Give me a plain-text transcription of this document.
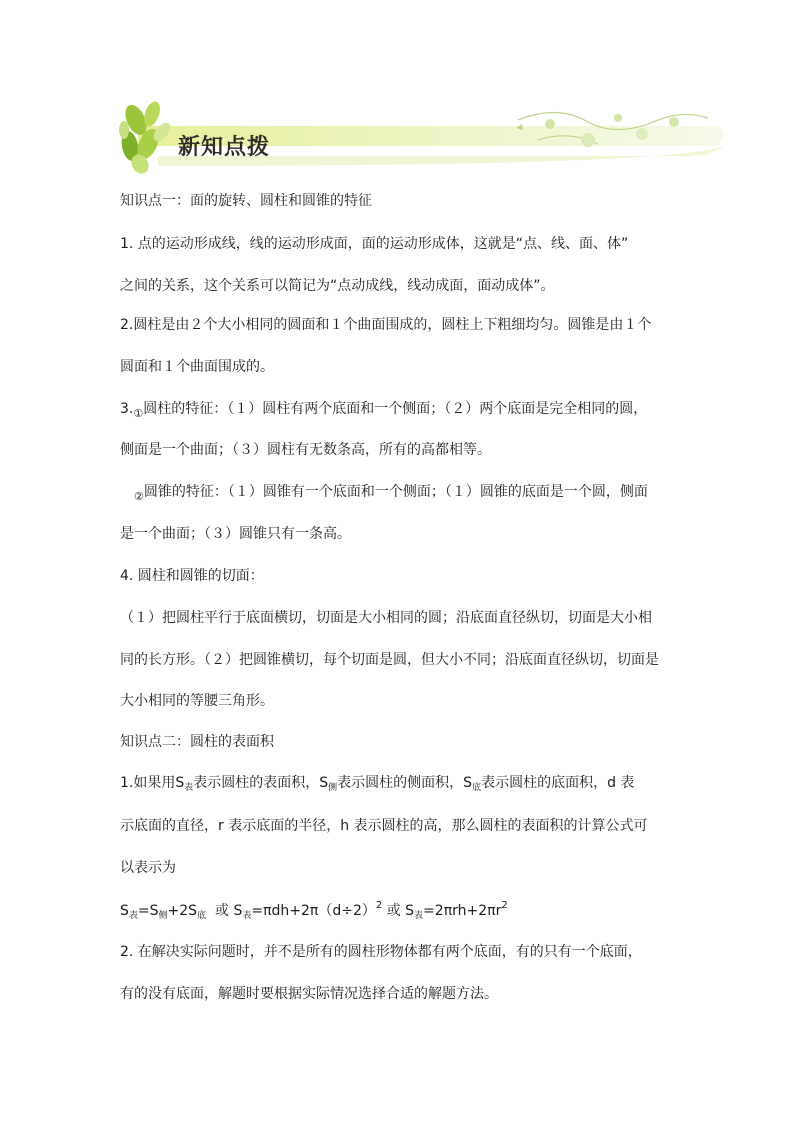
新知点拨
知识点一：面的旋转、圆柱和圆锥的特征
1. 点的运动形成线，线的运动形成面，面的运动形成体，这就是“点、线、面、体”
之间的关系，这个关系可以简记为“点动成线，线动成面，面动成体”。
2.圆柱是由２个大小相同的圆面和１个曲面围成的，圆柱上下粗细均匀。圆锥是由１个
圆面和１个曲面围成的。
$3._①$圆柱的特征：（１）圆柱有两个底面和一个侧面；（２）两个底面是完全相同的圆，
侧面是一个曲面；（３）圆柱有无数条高，所有的高都相等。
$_②$圆锥的特征：（１）圆锥有一个底面和一个侧面；（１）圆锥的底面是一个圆，侧面
是一个曲面；（３）圆锥只有一条高。
4. 圆柱和圆锥的切面：
（１）把圆柱平行于底面横切，切面是大小相同的圆；沿底面直径纵切，切面是大小相
同的长方形。（２）把圆锥横切，每个切面是圆，但大小不同；沿底面直径纵切，切面是
大小相同的等腰三角形。
知识点二：圆柱的表面积
1.如果用$S_表$表示圆柱的表面积，$S_侧$表示圆柱的侧面积，$S_底$表示圆柱的底面积，d 表
示底面的直径，r 表示底面的半径，h 表示圆柱的高，那么圆柱的表面积的计算公式可
以表示为
$S_表=S_侧+2S_底$  或 $S_表=\pi dh+2\pi(d\div 2)^2$ 或 $S_表=2\pi rh+2\pi r^2$
2. 在解决实际问题时，并不是所有的圆柱形物体都有两个底面，有的只有一个底面，
有的没有底面，解题时要根据实际情况选择合适的解题方法。
